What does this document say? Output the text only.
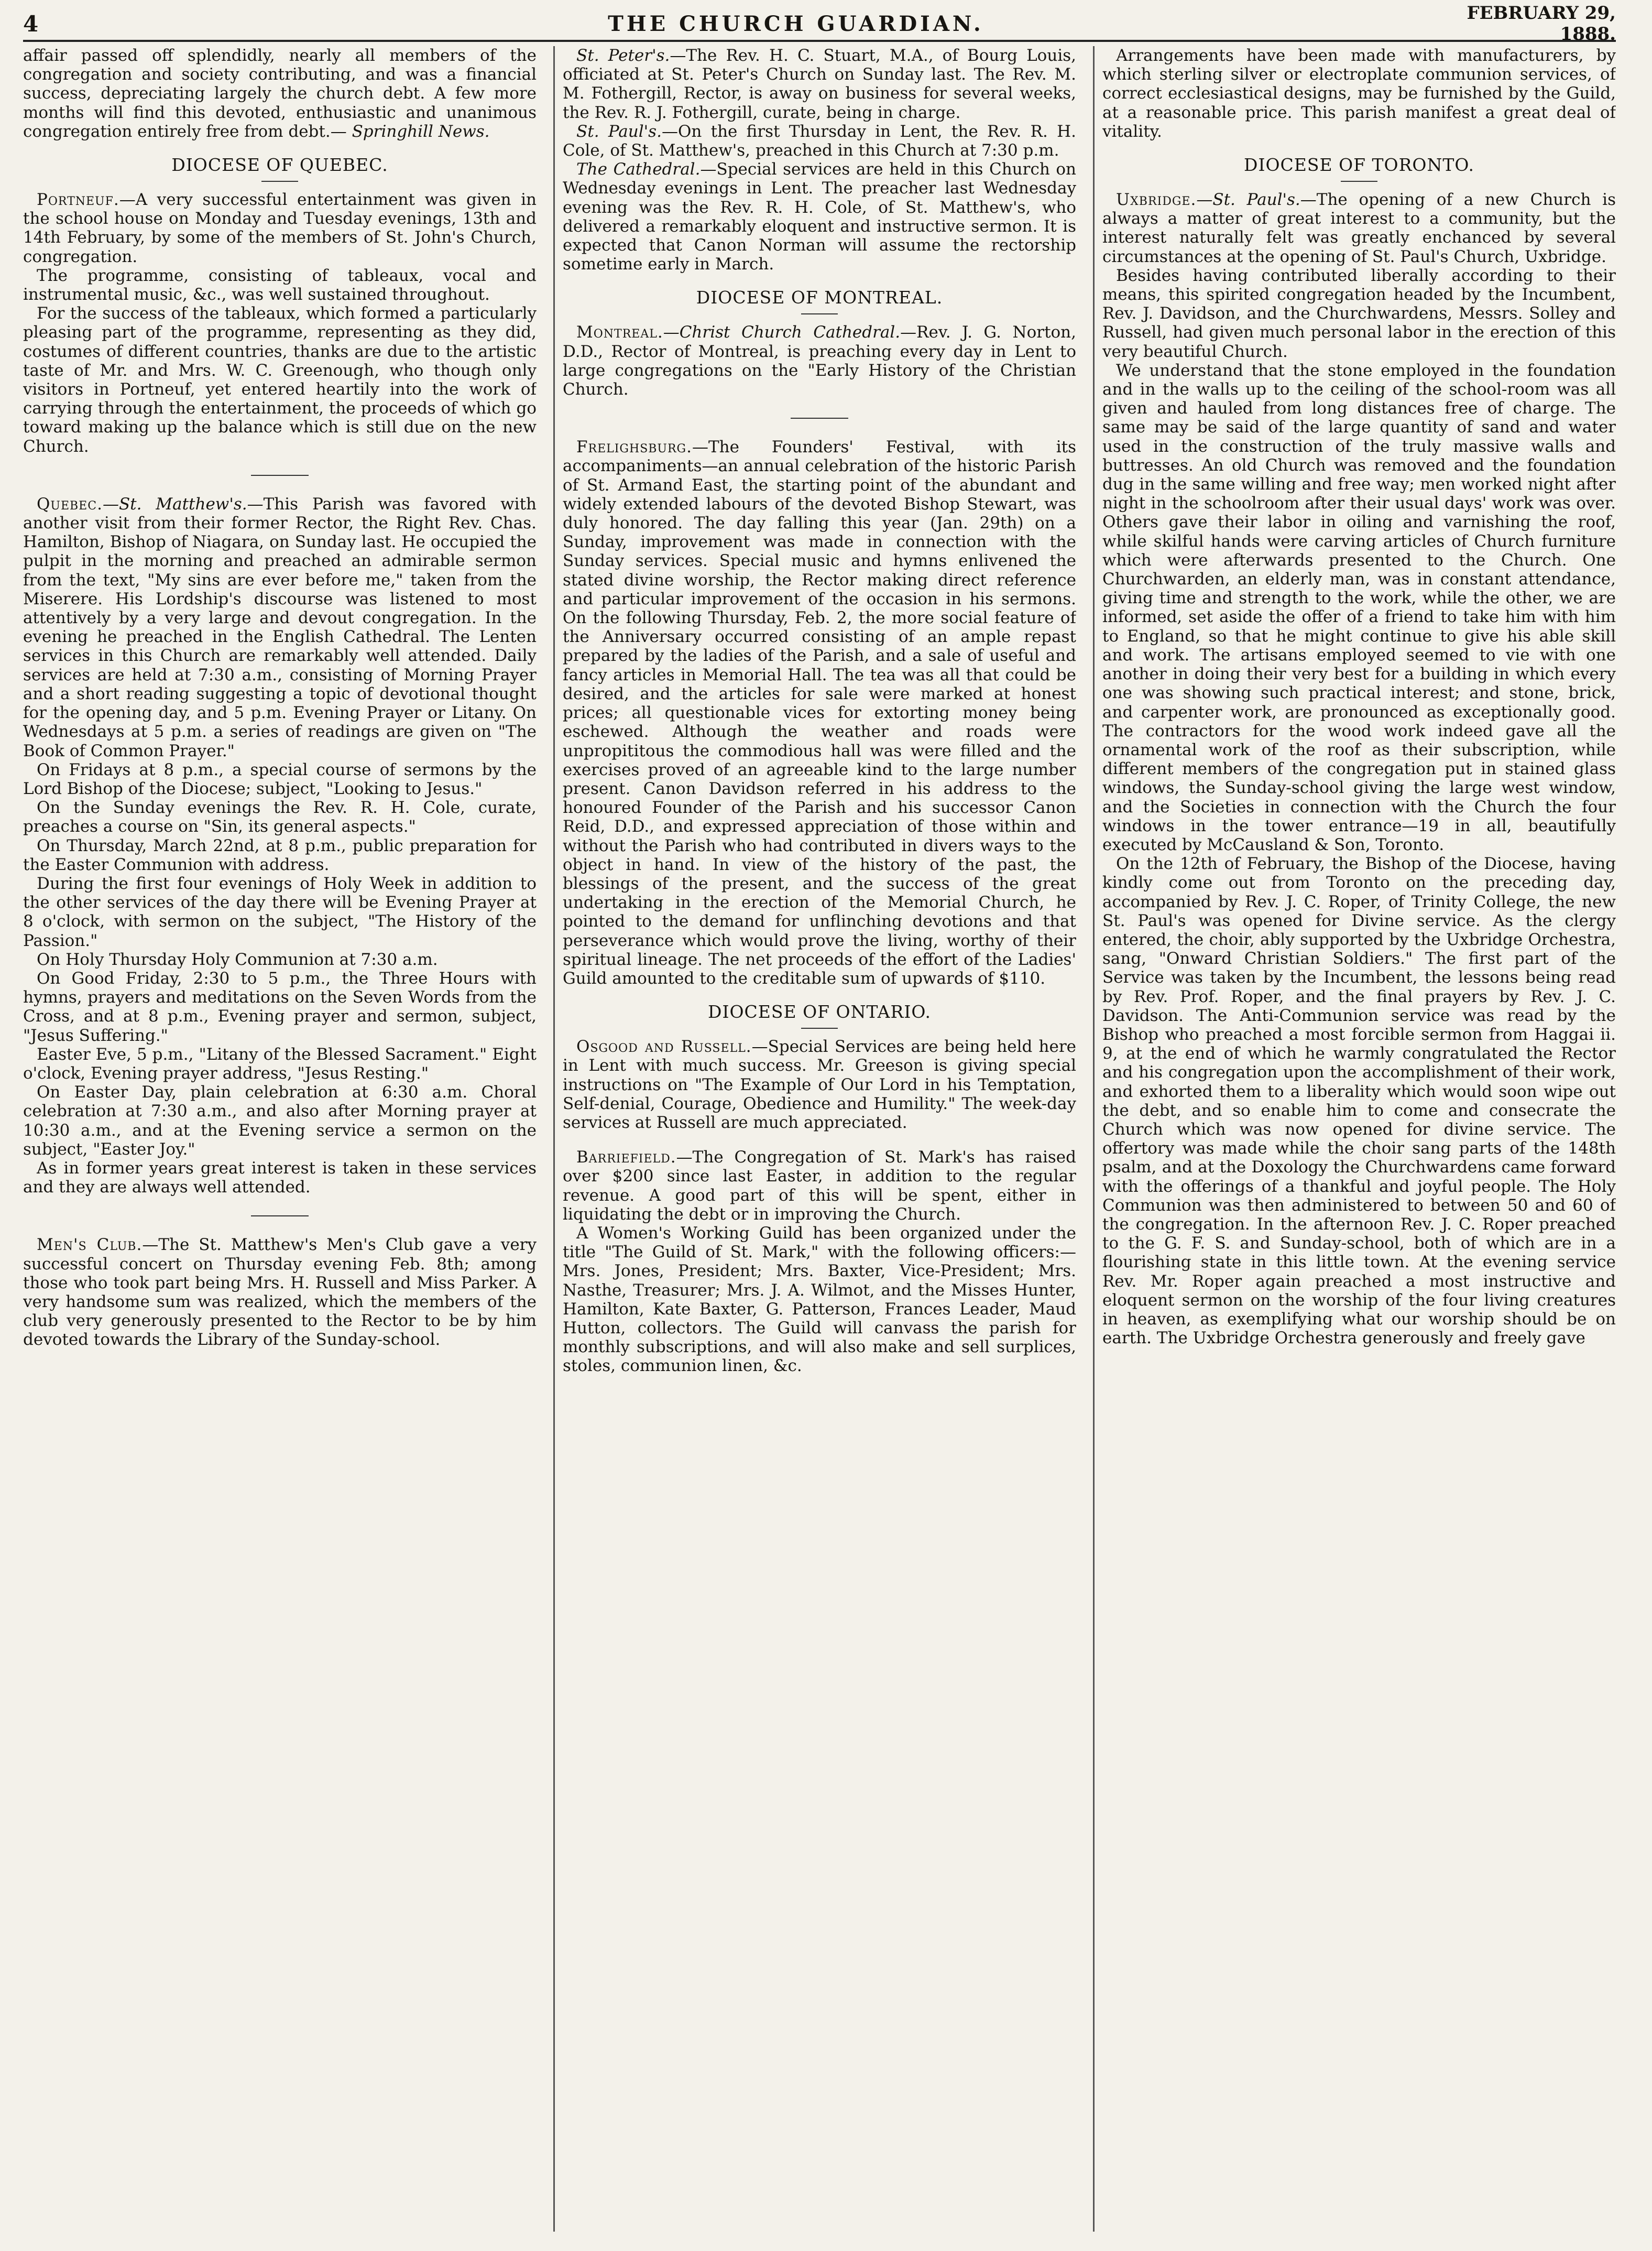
4	THE CHURCH GUARDIAN.	FEBRUARY 29, 1888.

affair passed off splendidly, nearly all members of the congregation and society contributing, and was a financial success, depreciating largely the church debt. A few more months will find this devoted, enthusiastic and unanimous congregation entirely free from debt.— Springhill News.

DIOCESE OF QUEBEC.

Portneuf.—A very successful entertainment was given in the school house on Monday and Tuesday evenings, 13th and 14th February, by some of the members of St. John's Church, congregation.

The programme, consisting of tableaux, vocal and instrumental music, &c., was well sustained throughout.

For the success of the tableaux, which formed a particularly pleasing part of the programme, representing as they did, costumes of different countries, thanks are due to the artistic taste of Mr. and Mrs. W. C. Greenough, who though only visitors in Portneuf, yet entered heartily into the work of carrying through the entertainment, the proceeds of which go toward making up the balance which is still due on the new Church.

Quebec.—St. Matthew's.—This Parish was favored with another visit from their former Rector, the Right Rev. Chas. Hamilton, Bishop of Niagara, on Sunday last. He occupied the pulpit in the morning and preached an admirable sermon from the text, "My sins are ever before me," taken from the Miserere. His Lordship's discourse was listened to most attentively by a very large and devout congregation. In the evening he preached in the English Cathedral. The Lenten services in this Church are remarkably well attended. Daily services are held at 7:30 a.m., consisting of Morning Prayer and a short reading suggesting a topic of devotional thought for the opening day, and 5 p.m. Evening Prayer or Litany. On Wednesdays at 5 p.m. a series of readings are given on "The Book of Common Prayer."

On Fridays at 8 p.m., a special course of sermons by the Lord Bishop of the Diocese; subject, "Looking to Jesus."

On the Sunday evenings the Rev. R. H. Cole, curate, preaches a course on "Sin, its general aspects."

On Thursday, March 22nd, at 8 p.m., public preparation for the Easter Communion with address.

During the first four evenings of Holy Week in addition to the other services of the day there will be Evening Prayer at 8 o'clock, with sermon on the subject, "The History of the Passion."

On Holy Thursday Holy Communion at 7:30 a.m.

On Good Friday, 2:30 to 5 p.m., the Three Hours with hymns, prayers and meditations on the Seven Words from the Cross, and at 8 p.m., Evening prayer and sermon, subject, "Jesus Suffering."

Easter Eve, 5 p.m., "Litany of the Blessed Sacrament." Eight o'clock, Evening prayer address, "Jesus Resting."

On Easter Day, plain celebration at 6:30 a.m. Choral celebration at 7:30 a.m., and also after Morning prayer at 10:30 a.m., and at the Evening service a sermon on the subject, "Easter Joy."

As in former years great interest is taken in these services and they are always well attended.

Men's Club.—The St. Matthew's Men's Club gave a very successful concert on Thursday evening Feb. 8th; among those who took part being Mrs. H. Russell and Miss Parker. A very handsome sum was realized, which the members of the club very generously presented to the Rector to be by him devoted towards the Library of the Sunday-school.

St. Peter's.—The Rev. H. C. Stuart, M.A., of Bourg Louis, officiated at St. Peter's Church on Sunday last. The Rev. M. M. Fothergill, Rector, is away on business for several weeks, the Rev. R. J. Fothergill, curate, being in charge.

St. Paul's.—On the first Thursday in Lent, the Rev. R. H. Cole, of St. Matthew's, preached in this Church at 7:30 p.m.

The Cathedral.—Special services are held in this Church on Wednesday evenings in Lent. The preacher last Wednesday evening was the Rev. R. H. Cole, of St. Matthew's, who delivered a remarkably eloquent and instructive sermon. It is expected that Canon Norman will assume the rectorship sometime early in March.

DIOCESE OF MONTREAL.

Montreal.—Christ Church Cathedral.—Rev. J. G. Norton, D.D., Rector of Montreal, is preaching every day in Lent to large congregations on the "Early History of the Christian Church.

Frelighsburg.—The Founders' Festival, with its accompaniments—an annual celebration of the historic Parish of St. Armand East, the starting point of the abundant and widely extended labours of the devoted Bishop Stewart, was duly honored. The day falling this year (Jan. 29th) on a Sunday, improvement was made in connection with the Sunday services. Special music and hymns enlivened the stated divine worship, the Rector making direct reference and particular improvement of the occasion in his sermons. On the following Thursday, Feb. 2, the more social feature of the Anniversary occurred consisting of an ample repast prepared by the ladies of the Parish, and a sale of useful and fancy articles in Memorial Hall. The tea was all that could be desired, and the articles for sale were marked at honest prices; all questionable vices for extorting money being eschewed. Although the weather and roads were unpropititous the commodious hall was were filled and the exercises proved of an agreeable kind to the large number present. Canon Davidson referred in his address to the honoured Founder of the Parish and his successor Canon Reid, D.D., and expressed appreciation of those within and without the Parish who had contributed in divers ways to the object in hand. In view of the history of the past, the blessings of the present, and the success of the great undertaking in the erection of the Memorial Church, he pointed to the demand for unflinching devotions and that perseverance which would prove the living, worthy of their spiritual lineage. The net proceeds of the effort of the Ladies' Guild amounted to the creditable sum of upwards of $110.

DIOCESE OF ONTARIO.

Osgood and Russell.—Special Services are being held here in Lent with much success. Mr. Greeson is giving special instructions on "The Example of Our Lord in his Temptation, Self-denial, Courage, Obedience and Humility." The week-day services at Russell are much appreciated.

Barriefield.—The Congregation of St. Mark's has raised over $200 since last Easter, in addition to the regular revenue. A good part of this will be spent, either in liquidating the debt or in improving the Church.

A Women's Working Guild has been organized under the title "The Guild of St. Mark," with the following officers:—Mrs. Jones, President; Mrs. Baxter, Vice-President; Mrs. Nasthe, Treasurer; Mrs. J. A. Wilmot, and the Misses Hunter, Hamilton, Kate Baxter, G. Patterson, Frances Leader, Maud Hutton, collectors. The Guild will canvass the parish for monthly subscriptions, and will also make and sell surplices, stoles, communion linen, &c.

Arrangements have been made with manufacturers, by which sterling silver or electroplate communion services, of correct ecclesiastical designs, may be furnished by the Guild, at a reasonable price. This parish manifest a great deal of vitality.

DIOCESE OF TORONTO.

Uxbridge.—St. Paul's.—The opening of a new Church is always a matter of great interest to a community, but the interest naturally felt was greatly enchanced by several circumstances at the opening of St. Paul's Church, Uxbridge.

Besides having contributed liberally according to their means, this spirited congregation headed by the Incumbent, Rev. J. Davidson, and the Churchwardens, Messrs. Solley and Russell, had given much personal labor in the erection of this very beautiful Church.

We understand that the stone employed in the foundation and in the walls up to the ceiling of the school-room was all given and hauled from long distances free of charge. The same may be said of the large quantity of sand and water used in the construction of the truly massive walls and buttresses. An old Church was removed and the foundation dug in the same willing and free way; men worked night after night in the schoolroom after their usual days' work was over. Others gave their labor in oiling and varnishing the roof, while skilful hands were carving articles of Church furniture which were afterwards presented to the Church. One Churchwarden, an elderly man, was in constant attendance, giving time and strength to the work, while the other, we are informed, set aside the offer of a friend to take him with him to England, so that he might continue to give his able skill and work. The artisans employed seemed to vie with one another in doing their very best for a building in which every one was showing such practical interest; and stone, brick, and carpenter work, are pronounced as exceptionally good. The contractors for the wood work indeed gave all the ornamental work of the roof as their subscription, while different members of the congregation put in stained glass windows, the Sunday-school giving the large west window, and the Societies in connection with the Church the four windows in the tower entrance—19 in all, beautifully executed by McCausland & Son, Toronto.

On the 12th of February, the Bishop of the Diocese, having kindly come out from Toronto on the preceding day, accompanied by Rev. J. C. Roper, of Trinity College, the new St. Paul's was opened for Divine service. As the clergy entered, the choir, ably supported by the Uxbridge Orchestra, sang, "Onward Christian Soldiers." The first part of the Service was taken by the Incumbent, the lessons being read by Rev. Prof. Roper, and the final prayers by Rev. J. C. Davidson. The Anti-Communion service was read by the Bishop who preached a most forcible sermon from Haggai ii. 9, at the end of which he warmly congratulated the Rector and his congregation upon the accomplishment of their work, and exhorted them to a liberality which would soon wipe out the debt, and so enable him to come and consecrate the Church which was now opened for divine service. The offertory was made while the choir sang parts of the 148th psalm, and at the Doxology the Churchwardens came forward with the offerings of a thankful and joyful people. The Holy Communion was then administered to between 50 and 60 of the congregation. In the afternoon Rev. J. C. Roper preached to the G. F. S. and Sunday-school, both of which are in a flourishing state in this little town. At the evening service Rev. Mr. Roper again preached a most instructive and eloquent sermon on the worship of the four living creatures in heaven, as exemplifying what our worship should be on earth. The Uxbridge Orchestra generously and freely gave
